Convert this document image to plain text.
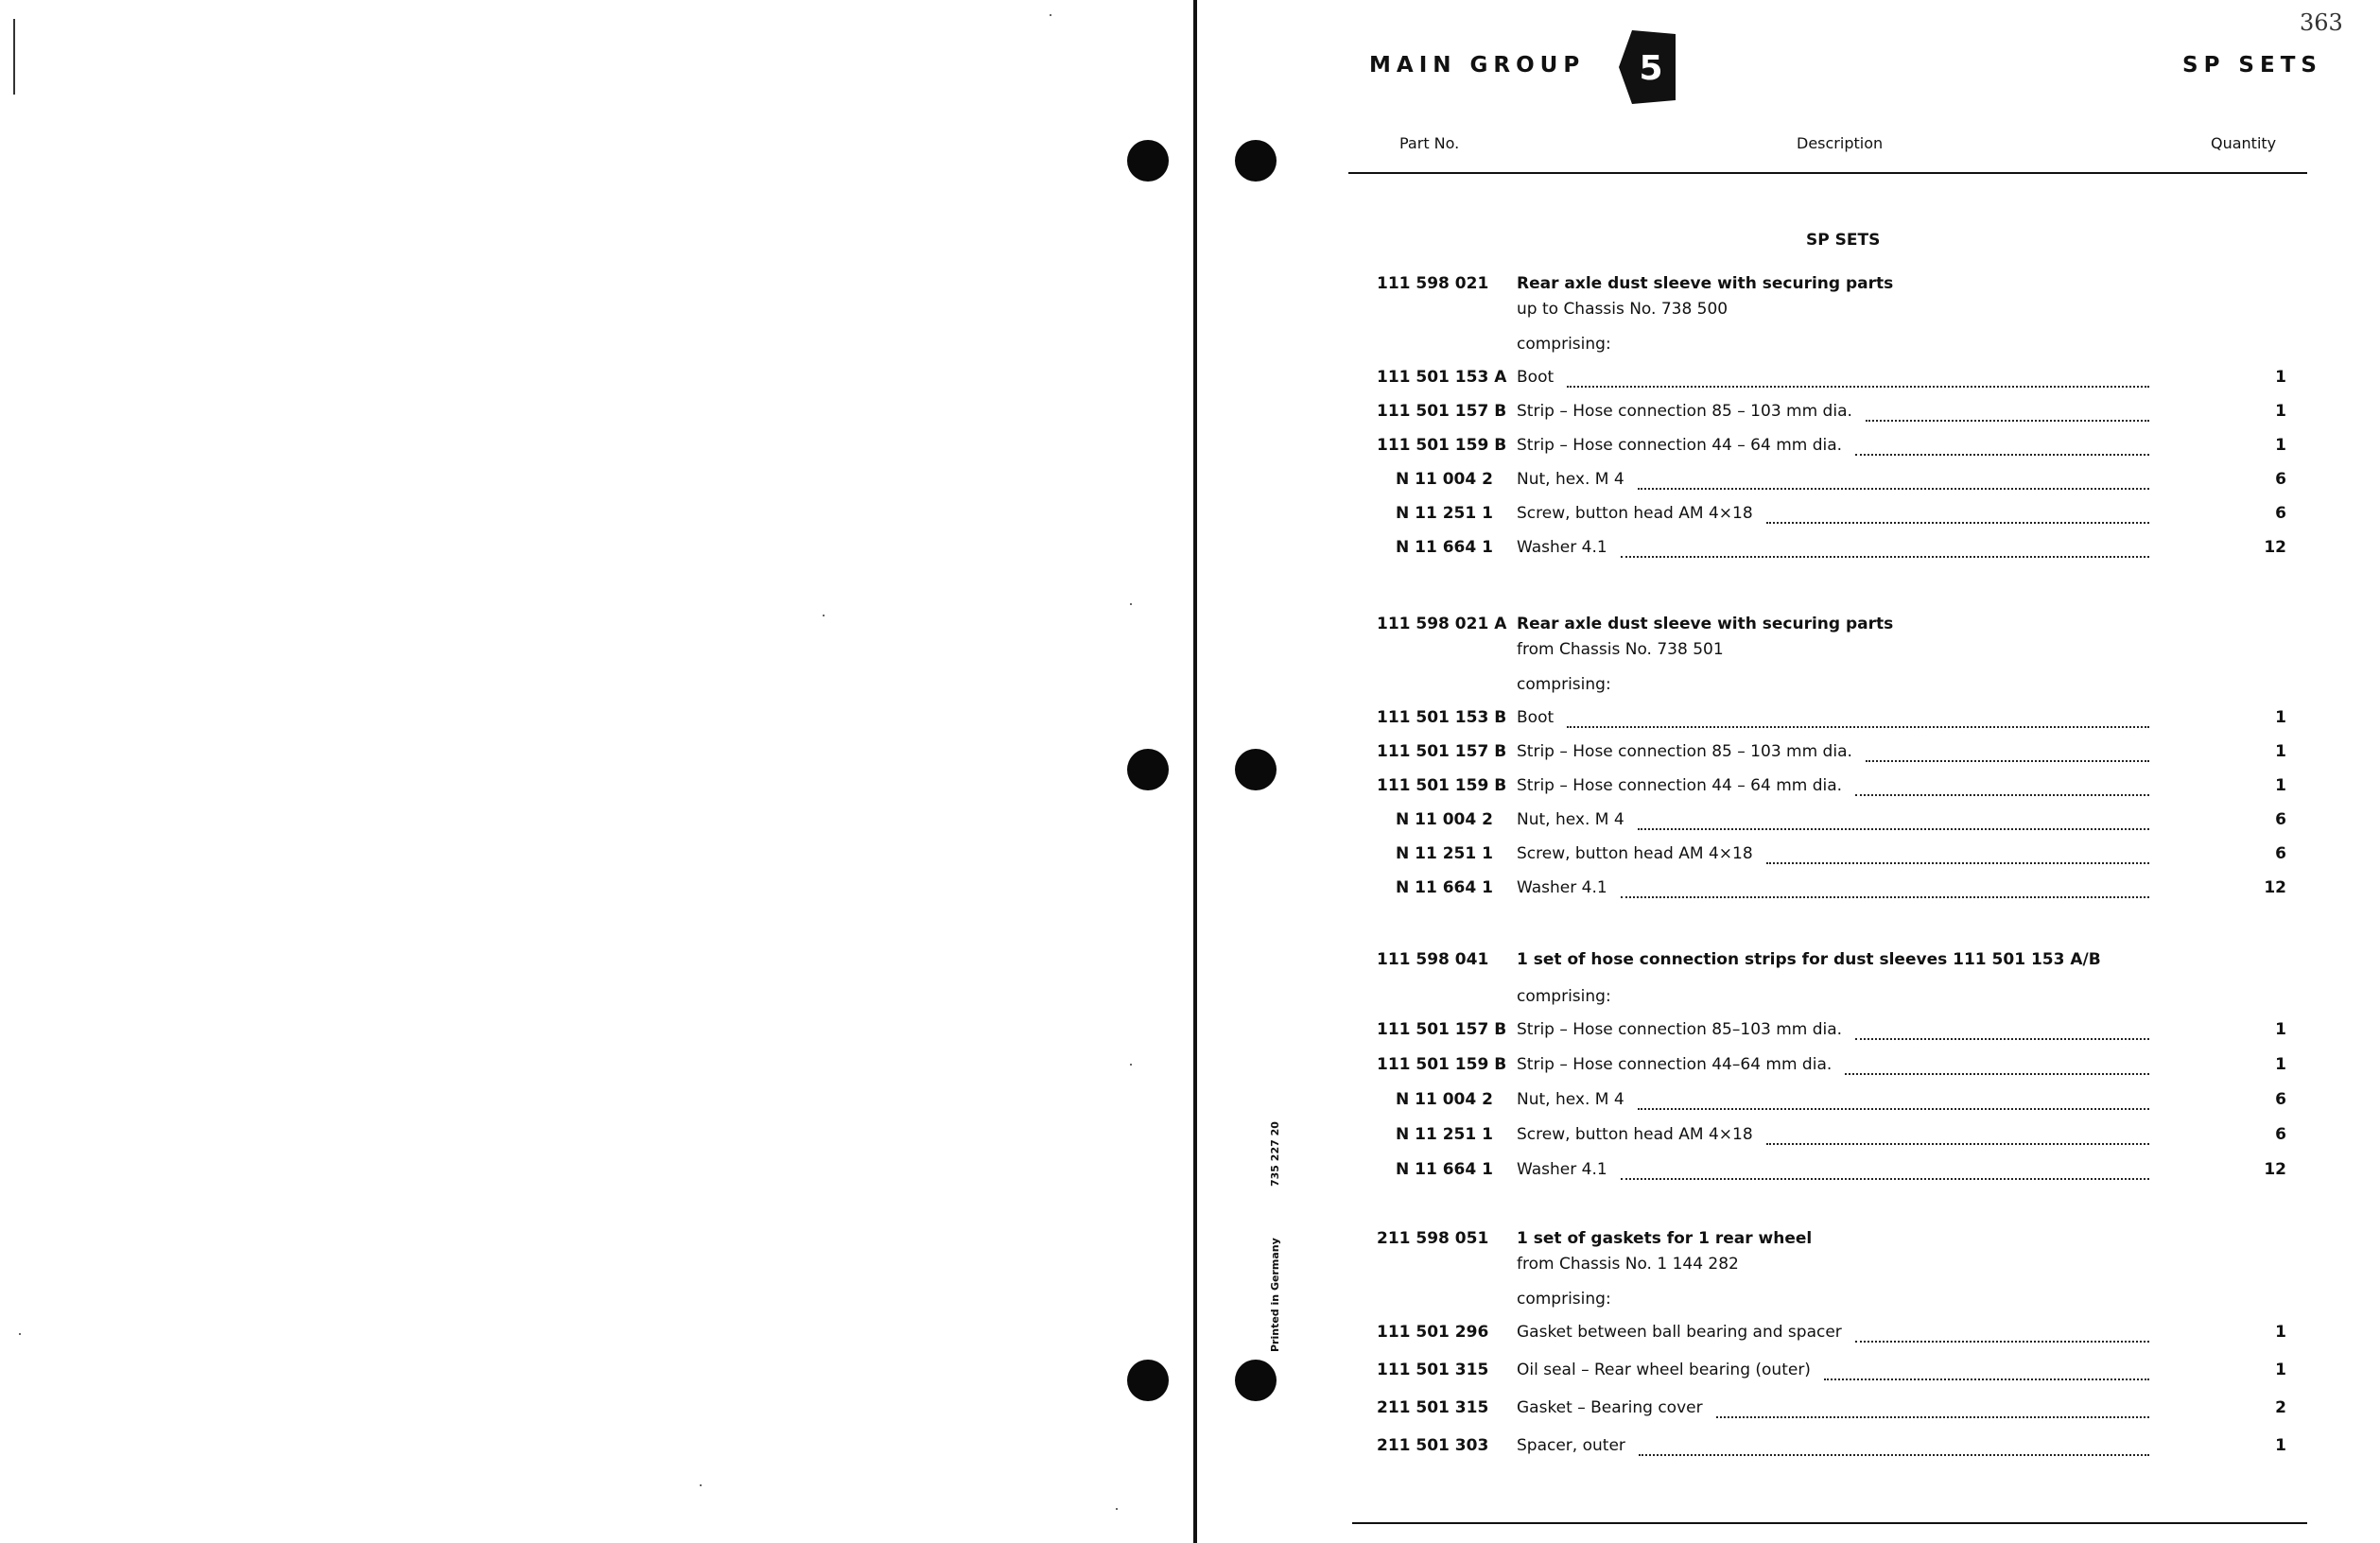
735 227 20
Printed in Germany
363
MAIN GROUP 5	SP SETS
Part No.	Description	Quantity
SP SETS
111 598 021 Rear axle dust sleeve with securing parts
up to Chassis No. 738 500
comprising:
111 501 153 A Boot	1
111 501 157 B Strip – Hose connection 85 – 103 mm dia.	1
111 501 159 B Strip – Hose connection 44 – 64 mm dia.	1
N 11 004 2 Nut, hex. M 4	6
N 11 251 1 Screw, button head AM 4×18	6
N 11 664 1 Washer 4.1	12
111 598 021 A Rear axle dust sleeve with securing parts
from Chassis No. 738 501
comprising:
111 501 153 B Boot	1
111 501 157 B Strip – Hose connection 85 – 103 mm dia.	1
111 501 159 B Strip – Hose connection 44 – 64 mm dia.	1
N 11 004 2 Nut, hex. M 4	6
N 11 251 1 Screw, button head AM 4×18	6
N 11 664 1 Washer 4.1	12
111 598 041 1 set of hose connection strips for dust sleeves 111 501 153 A/B
comprising:
111 501 157 B Strip – Hose connection 85–103 mm dia.	1
111 501 159 B Strip – Hose connection 44–64 mm dia.	1
N 11 004 2 Nut, hex. M 4	6
N 11 251 1 Screw, button head AM 4×18	6
N 11 664 1 Washer 4.1	12
211 598 051 1 set of gaskets for 1 rear wheel
from Chassis No. 1 144 282
comprising:
111 501 296 Gasket between ball bearing and spacer	1
111 501 315 Oil seal – Rear wheel bearing (outer)	1
211 501 315 Gasket – Bearing cover	2
211 501 303 Spacer, outer	1
